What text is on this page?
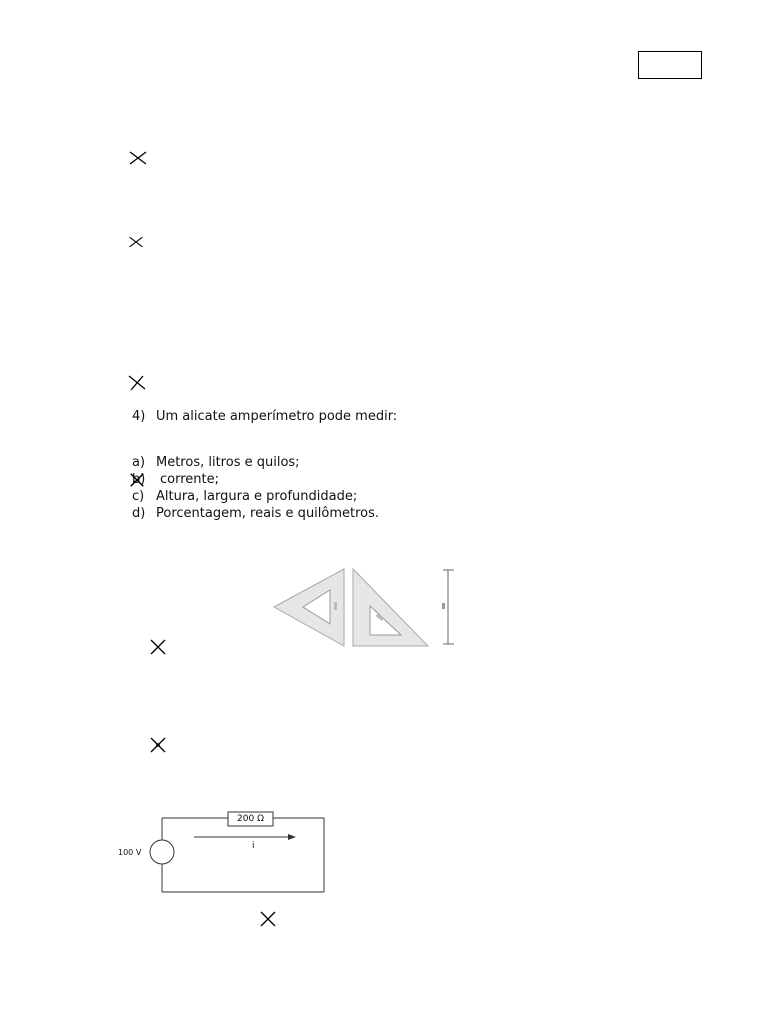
4) Um alicate amperímetro pode medir:
a) Metros, litros e quilos;
b) corrente;
c) Altura, largura e profundidade;
d) Porcentagem, reais e quilômetros.
100 V
200 Ω
i
